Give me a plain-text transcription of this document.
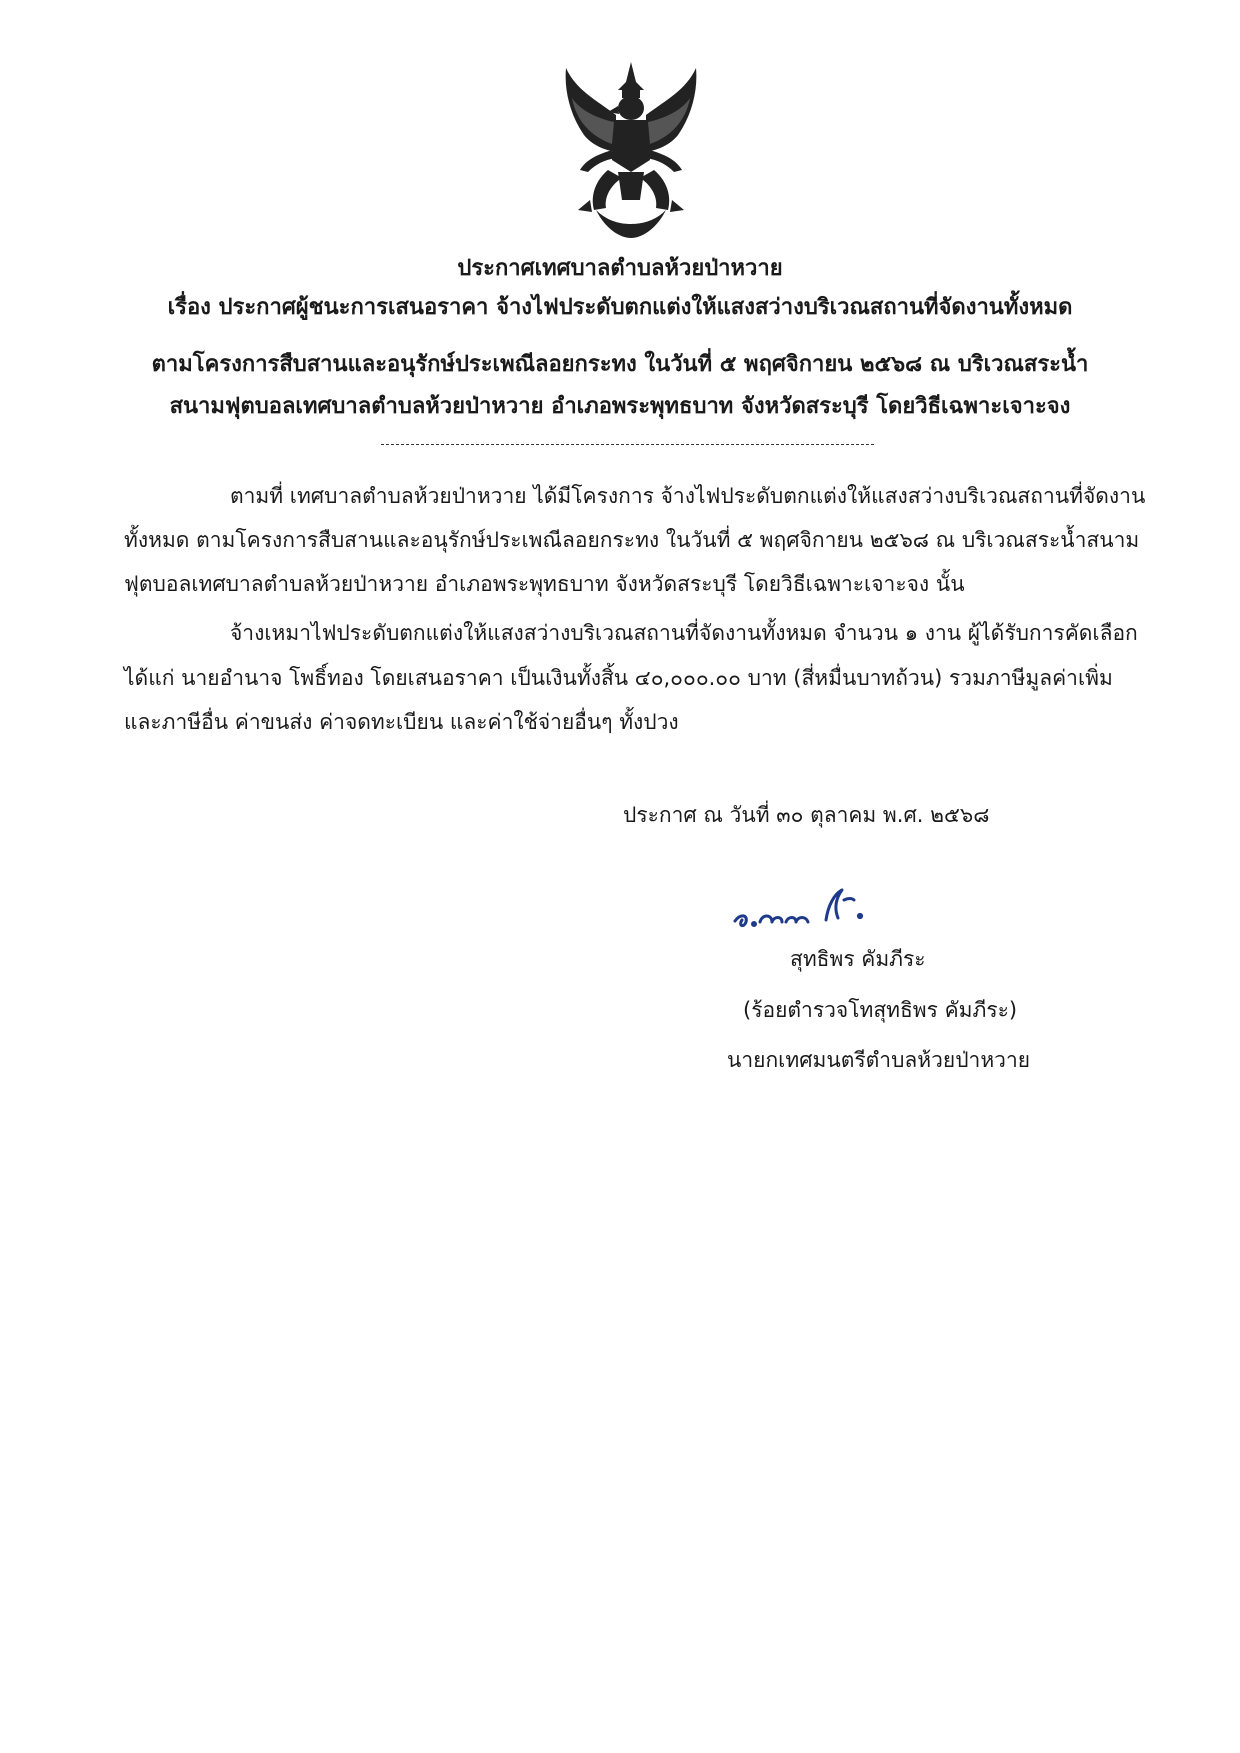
ประกาศเทศบาลตำบลห้วยป่าหวาย
เรื่อง ประกาศผู้ชนะการเสนอราคา จ้างไฟประดับตกแต่งให้แสงสว่างบริเวณสถานที่จัดงานทั้งหมด
ตามโครงการสืบสานและอนุรักษ์ประเพณีลอยกระทง ในวันที่ ๕ พฤศจิกายน ๒๕๖๘ ณ บริเวณสระน้ำ
สนามฟุตบอลเทศบาลตำบลห้วยป่าหวาย อำเภอพระพุทธบาท จังหวัดสระบุรี โดยวิธีเฉพาะเจาะจง
ตามที่ เทศบาลตำบลห้วยป่าหวาย ได้มีโครงการ จ้างไฟประดับตกแต่งให้แสงสว่างบริเวณสถานที่จัดงาน
ทั้งหมด ตามโครงการสืบสานและอนุรักษ์ประเพณีลอยกระทง ในวันที่ ๕ พฤศจิกายน ๒๕๖๘ ณ บริเวณสระน้ำสนาม
ฟุตบอลเทศบาลตำบลห้วยป่าหวาย อำเภอพระพุทธบาท จังหวัดสระบุรี โดยวิธีเฉพาะเจาะจง นั้น
จ้างเหมาไฟประดับตกแต่งให้แสงสว่างบริเวณสถานที่จัดงานทั้งหมด จำนวน ๑ งาน ผู้ได้รับการคัดเลือก
ได้แก่ นายอำนาจ โพธิ์ทอง โดยเสนอราคา เป็นเงินทั้งสิ้น ๔๐,๐๐๐.๐๐ บาท (สี่หมื่นบาทถ้วน) รวมภาษีมูลค่าเพิ่ม
และภาษีอื่น ค่าขนส่ง ค่าจดทะเบียน และค่าใช้จ่ายอื่นๆ ทั้งปวง
ประกาศ ณ วันที่ ๓๐ ตุลาคม พ.ศ. ๒๕๖๘
สุทธิพร คัมภีระ
(ร้อยตำรวจโทสุทธิพร คัมภีระ)
นายกเทศมนตรีตำบลห้วยป่าหวาย
